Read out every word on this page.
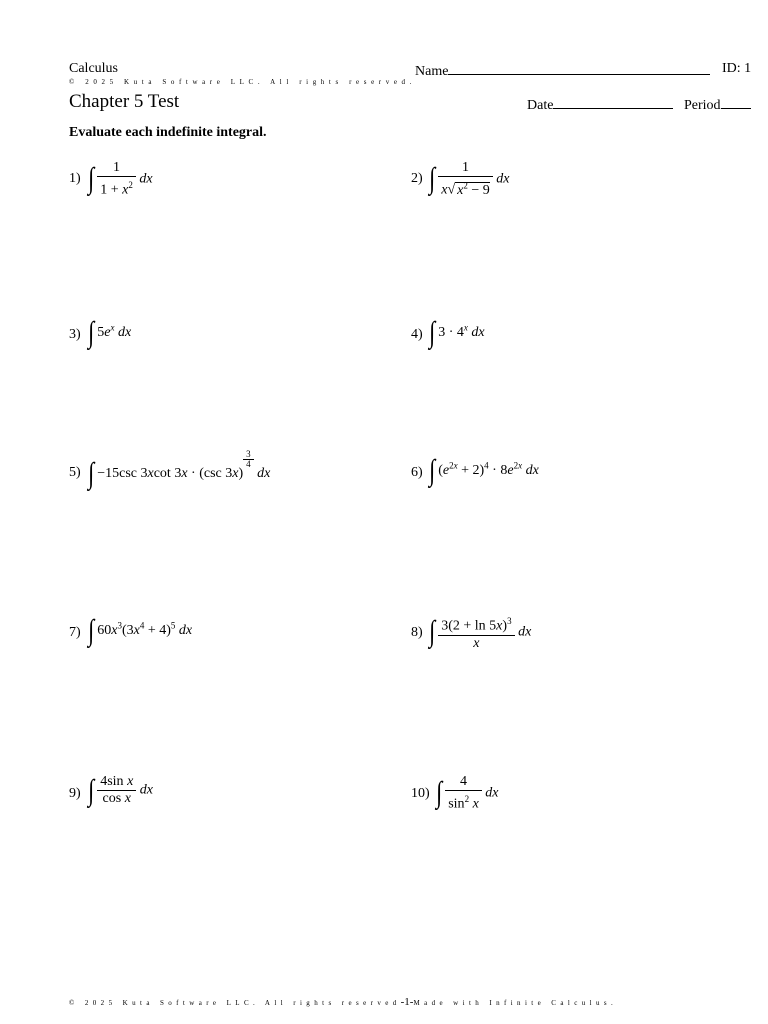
Calculus
© 2025 Kuta Software LLC. All rights reserved.
Name	ID: 1
Chapter 5 Test	Date	Period
Evaluate each indefinite integral.
1) ∫ $\frac{1}{1 + x^2}$ dx	2) ∫ $\frac{1}{x√ x^2 - 9}$ dx
3) ∫ $5e^x$ dx	4) ∫ $3 \cdot 4^x$ dx
5) ∫ −15csc 3xcot 3x · (csc 3x)
$\frac{3}{4}$
dx	6) ∫ $(e^{2x} + 2)^4 \cdot 8e^{2x}$ dx
7) ∫ $60x^3(3x^4 + 4)^5$ dx	8) ∫ $\frac{3(2 + \ln 5x)^3}{x}$ dx
9) ∫ $\frac{\text{4sin x}}{\text{cos x}}$ dx	10) ∫ $\frac{4}{\sin^2 x}$ dx
© 2025 Kuta Software LLC. All rights reserved-1-Made with Infinite Calculus.
